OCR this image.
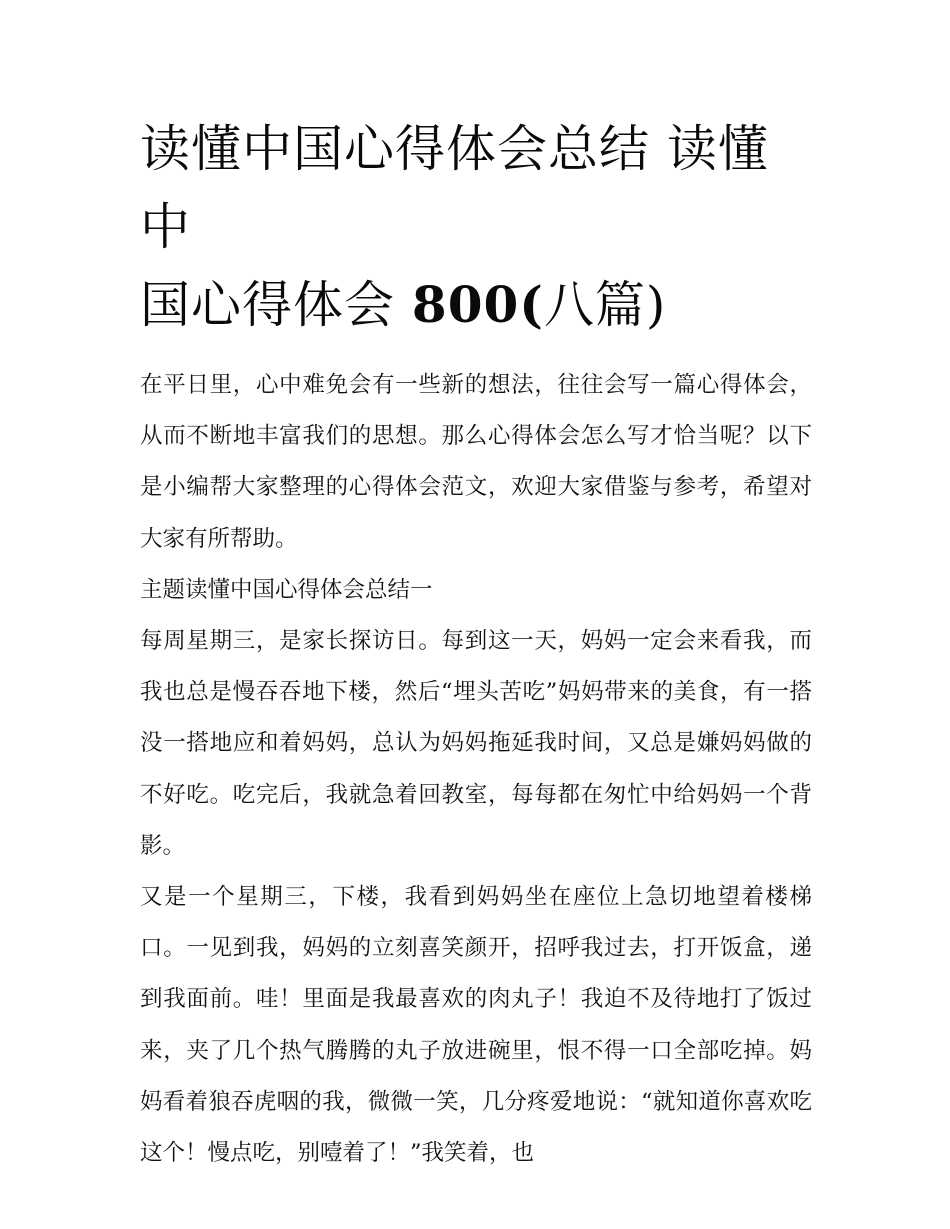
读懂中国心得体会总结 读懂中
国心得体会 800(八篇)

在平日里，心中难免会有一些新的想法，往往会写一篇心得体会，从而不断地丰富我们的思想。那么心得体会怎么写才恰当呢？以下是小编帮大家整理的心得体会范文，欢迎大家借鉴与参考，希望对大家有所帮助。

主题读懂中国心得体会总结一

每周星期三，是家长探访日。每到这一天，妈妈一定会来看我，而我也总是慢吞吞地下楼，然后“埋头苦吃”妈妈带来的美食，有一搭没一搭地应和着妈妈，总认为妈妈拖延我时间，又总是嫌妈妈做的不好吃。吃完后，我就急着回教室，每每都在匆忙中给妈妈一个背影。

又是一个星期三，下楼，我看到妈妈坐在座位上急切地望着楼梯口。一见到我，妈妈的立刻喜笑颜开，招呼我过去，打开饭盒，递到我面前。哇！里面是我最喜欢的肉丸子！我迫不及待地打了饭过来，夹了几个热气腾腾的丸子放进碗里，恨不得一口全部吃掉。妈妈看着狼吞虎咽的我，微微一笑，几分疼爱地说：“就知道你喜欢吃这个！慢点吃，别噎着了！”我笑着，也
